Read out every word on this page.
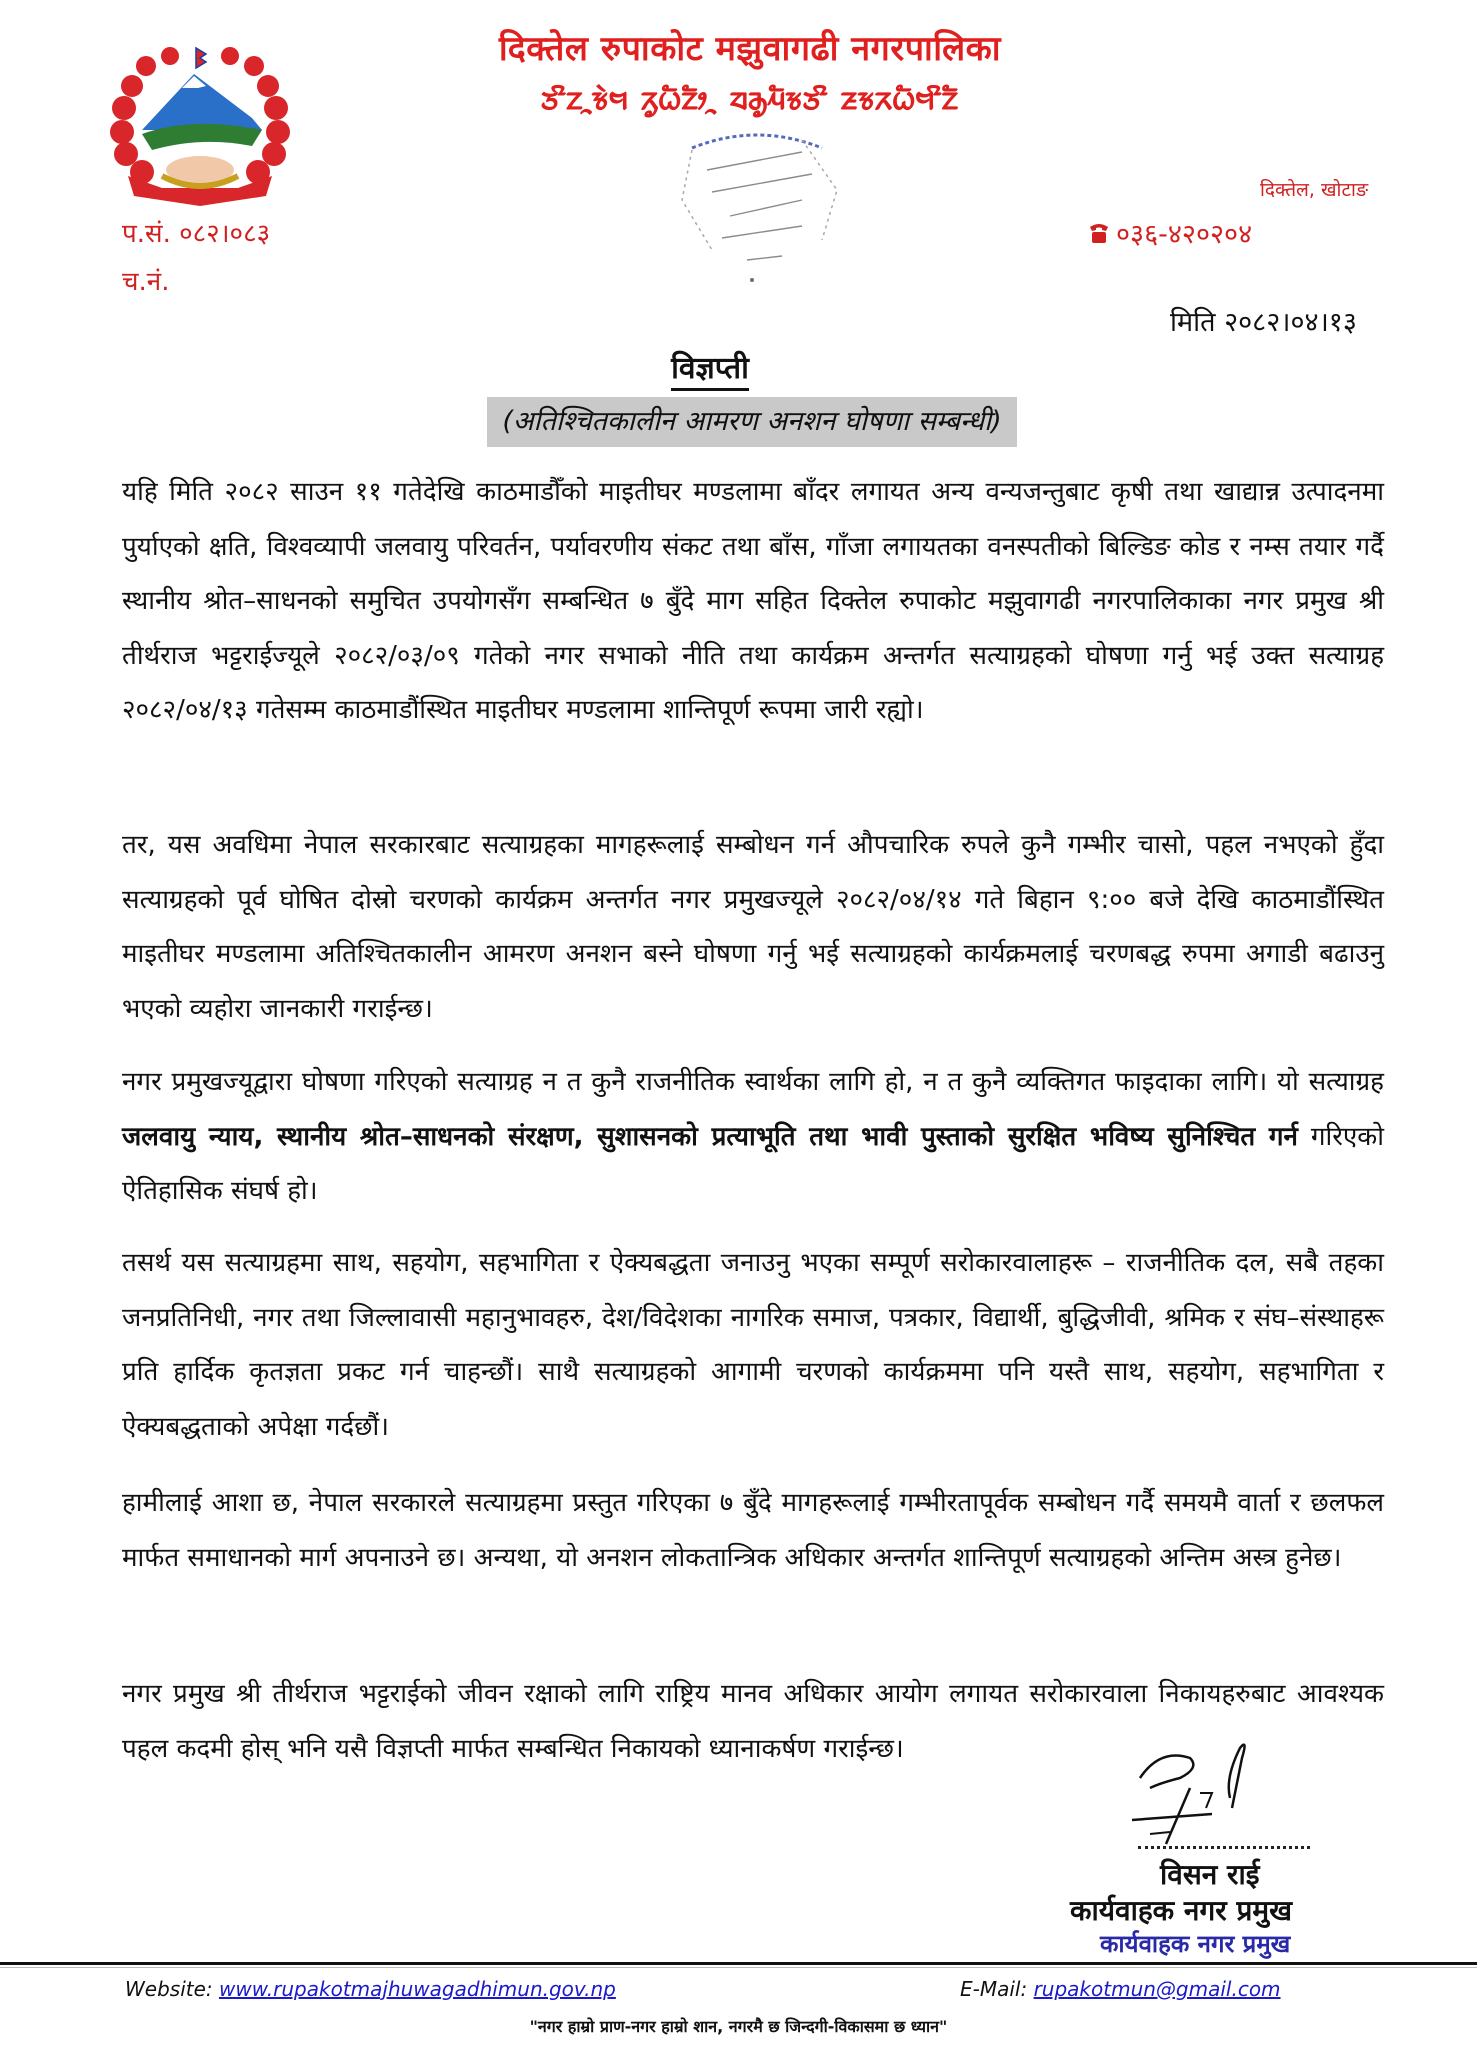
दिक्तेल रुपाकोट मझुवागढी नगरपालिका
ᤍᤡᤁᤳᤃᤧᤗ ᤖᤢᤐᤠᤁᤥᤳ ᤔᤌᤢᤘᤠᤃᤍᤡ ᤏᤃᤖᤐᤠᤗᤡᤁᤠ
प.सं. ०८२।०८३
च.नं.
दिक्तेल, खोटाङ
०३६-४२०२०४
मिति २०८२।०४।१३
विज्ञप्ती
(अतिश्चितकालीन आमरण अनशन घोषणा सम्बन्धी)
यहि मिति २०८२ साउन ११ गतेदेखि काठमाडौँको माइतीघर मण्डलामा बाँदर लगायत अन्य वन्यजन्तुबाट कृषी तथा खाद्यान्न उत्पादनमा पुर्याएको क्षति, विश्वव्यापी जलवायु परिवर्तन, पर्यावरणीय संकट तथा बाँस, गाँजा लगायतका वनस्पतीको बिल्डिङ कोड र नम्स तयार गर्दै स्थानीय श्रोत–साधनको समुचित उपयोगसँग सम्बन्धित ७ बुँदे माग सहित दिक्तेल रुपाकोट मझुवागढी नगरपालिकाका नगर प्रमुख श्री तीर्थराज भट्टराईज्यूले २०८२/०३/०९ गतेको नगर सभाको नीति तथा कार्यक्रम अन्तर्गत सत्याग्रहको घोषणा गर्नु भई उक्त सत्याग्रह २०८२/०४/१३ गतेसम्म काठमाडौंस्थित माइतीघर मण्डलामा शान्तिपूर्ण रूपमा जारी रह्यो।
तर, यस अवधिमा नेपाल सरकारबाट सत्याग्रहका मागहरूलाई सम्बोधन गर्न औपचारिक रुपले कुनै गम्भीर चासो, पहल नभएको हुँदा सत्याग्रहको पूर्व घोषित दोस्रो चरणको कार्यक्रम अन्तर्गत नगर प्रमुखज्यूले २०८२/०४/१४ गते बिहान ९:०० बजे देखि काठमाडौंस्थित माइतीघर मण्डलामा अतिश्चितकालीन आमरण अनशन बस्ने घोषणा गर्नु भई सत्याग्रहको कार्यक्रमलाई चरणबद्ध रुपमा अगाडी बढाउनु भएको व्यहोरा जानकारी गराईन्छ।
नगर प्रमुखज्यूद्वारा घोषणा गरिएको सत्याग्रह न त कुनै राजनीतिक स्वार्थका लागि हो, न त कुनै व्यक्तिगत फाइदाका लागि। यो सत्याग्रह जलवायु न्याय, स्थानीय श्रोत–साधनको संरक्षण, सुशासनको प्रत्याभूति तथा भावी पुस्ताको सुरक्षित भविष्य सुनिश्चित गर्न गरिएको ऐतिहासिक संघर्ष हो।
तसर्थ यस सत्याग्रहमा साथ, सहयोग, सहभागिता र ऐक्यबद्धता जनाउनु भएका सम्पूर्ण सरोकारवालाहरू – राजनीतिक दल, सबै तहका जनप्रतिनिधी, नगर तथा जिल्लावासी महानुभावहरु, देश/विदेशका नागरिक समाज, पत्रकार, विद्यार्थी, बुद्धिजीवी, श्रमिक र संघ–संस्थाहरू प्रति हार्दिक कृतज्ञता प्रकट गर्न चाहन्छौं। साथै सत्याग्रहको आगामी चरणको कार्यक्रममा पनि यस्तै साथ, सहयोग, सहभागिता र ऐक्यबद्धताको अपेक्षा गर्दछौं।
हामीलाई आशा छ, नेपाल सरकारले सत्याग्रहमा प्रस्तुत गरिएका ७ बुँदे मागहरूलाई गम्भीरतापूर्वक सम्बोधन गर्दै समयमै वार्ता र छलफल मार्फत समाधानको मार्ग अपनाउने छ। अन्यथा, यो अनशन लोकतान्त्रिक अधिकार अन्तर्गत शान्तिपूर्ण सत्याग्रहको अन्तिम अस्त्र हुनेछ।
नगर प्रमुख श्री तीर्थराज भट्टराईको जीवन रक्षाको लागि राष्ट्रिय मानव अधिकार आयोग लगायत सरोकारवाला निकायहरुबाट आवश्यक पहल कदमी होस् भनि यसै विज्ञप्ती मार्फत सम्बन्धित निकायको ध्यानाकर्षण गराईन्छ।
विसन राई
कार्यवाहक नगर प्रमुख
कार्यवाहक नगर प्रमुख
Website: www.rupakotmajhuwagadhimun.gov.np	E-Mail: rupakotmun@gmail.com
"नगर हाम्रो प्राण-नगर हाम्रो शान, नगरमै छ जिन्दगी-विकासमा छ ध्यान"
